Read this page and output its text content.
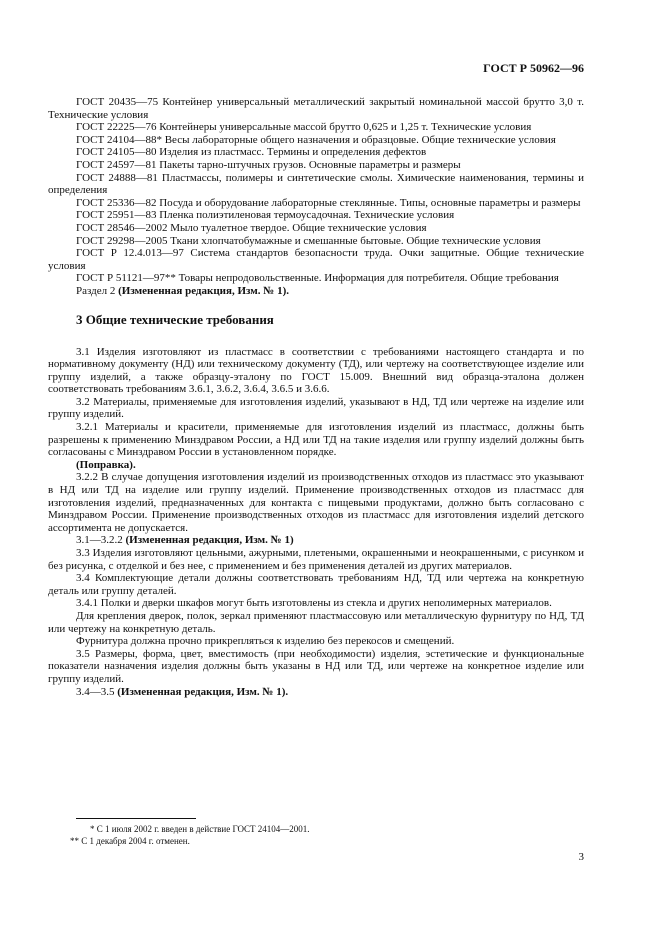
ГОСТ Р 50962—96

ГОСТ 20435—75 Контейнер универсальный металлический закрытый номинальной массой брутто 3,0 т. Технические условия

ГОСТ 22225—76 Контейнеры универсальные массой брутто 0,625 и 1,25 т. Технические условия

ГОСТ 24104—88* Весы лабораторные общего назначения и образцовые. Общие технические условия

ГОСТ 24105—80 Изделия из пластмасс. Термины и определения дефектов

ГОСТ 24597—81 Пакеты тарно-штучных грузов. Основные параметры и размеры

ГОСТ 24888—81 Пластмассы, полимеры и синтетические смолы. Химические наименования, термины и определения

ГОСТ 25336—82 Посуда и оборудование лабораторные стеклянные. Типы, основные параметры и размеры

ГОСТ 25951—83 Пленка полиэтиленовая термоусадочная. Технические условия

ГОСТ 28546—2002 Мыло туалетное твердое. Общие технические условия

ГОСТ 29298—2005 Ткани хлопчатобумажные и смешанные бытовые. Общие технические условия

ГОСТ Р 12.4.013—97 Система стандартов безопасности труда. Очки защитные. Общие технические условия

ГОСТ Р 51121—97** Товары непродовольственные. Информация для потребителя. Общие требования

Раздел 2 (Измененная редакция, Изм. № 1).

3 Общие технические требования

3.1 Изделия изготовляют из пластмасс в соответствии с требованиями настоящего стандарта и по нормативному документу (НД) или техническому документу (ТД), или чертежу на соответствующее изделие или группу изделий, а также образцу-эталону по ГОСТ 15.009. Внешний вид образца-эталона должен соответствовать требованиям 3.6.1, 3.6.2, 3.6.4, 3.6.5 и 3.6.6.

3.2 Материалы, применяемые для изготовления изделий, указывают в НД, ТД или чертеже на изделие или группу изделий.

3.2.1 Материалы и красители, применяемые для изготовления изделий из пластмасс, должны быть разрешены к применению Минздравом России, а НД или ТД на такие изделия или группу изделий должны быть согласованы с Минздравом России в установленном порядке.

(Поправка).

3.2.2 В случае допущения изготовления изделий из производственных отходов из пластмасс это указывают в НД или ТД на изделие или группу изделий. Применение производственных отходов из пластмасс для изготовления изделий, предназначенных для контакта с пищевыми продуктами, должно быть согласовано с Минздравом России. Применение производственных отходов из пластмасс для изготовления изделий детского ассортимента не допускается.

3.1—3.2.2 (Измененная редакция, Изм. № 1)

3.3 Изделия изготовляют цельными, ажурными, плетеными, окрашенными и неокрашенными, с рисунком и без рисунка, с отделкой и без нее, с применением и без применения деталей из других материалов.

3.4 Комплектующие детали должны соответствовать требованиям НД, ТД или чертежа на конкретную деталь или группу деталей.

3.4.1 Полки и дверки шкафов могут быть изготовлены из стекла и других неполимерных материалов.

Для крепления дверок, полок, зеркал применяют пластмассовую или металлическую фурнитуру по НД, ТД или чертежу на конкретную деталь.

Фурнитура должна прочно прикрепляться к изделию без перекосов и смещений.

3.5 Размеры, форма, цвет, вместимость (при необходимости) изделия, эстетические и функциональные показатели назначения изделия должны быть указаны в НД или ТД, или чертеже на конкретное изделие или группу изделий.

3.4—3.5 (Измененная редакция, Изм. № 1).

* С 1 июля 2002 г. введен в действие ГОСТ 24104—2001.

** С 1 декабря 2004 г. отменен.

3
